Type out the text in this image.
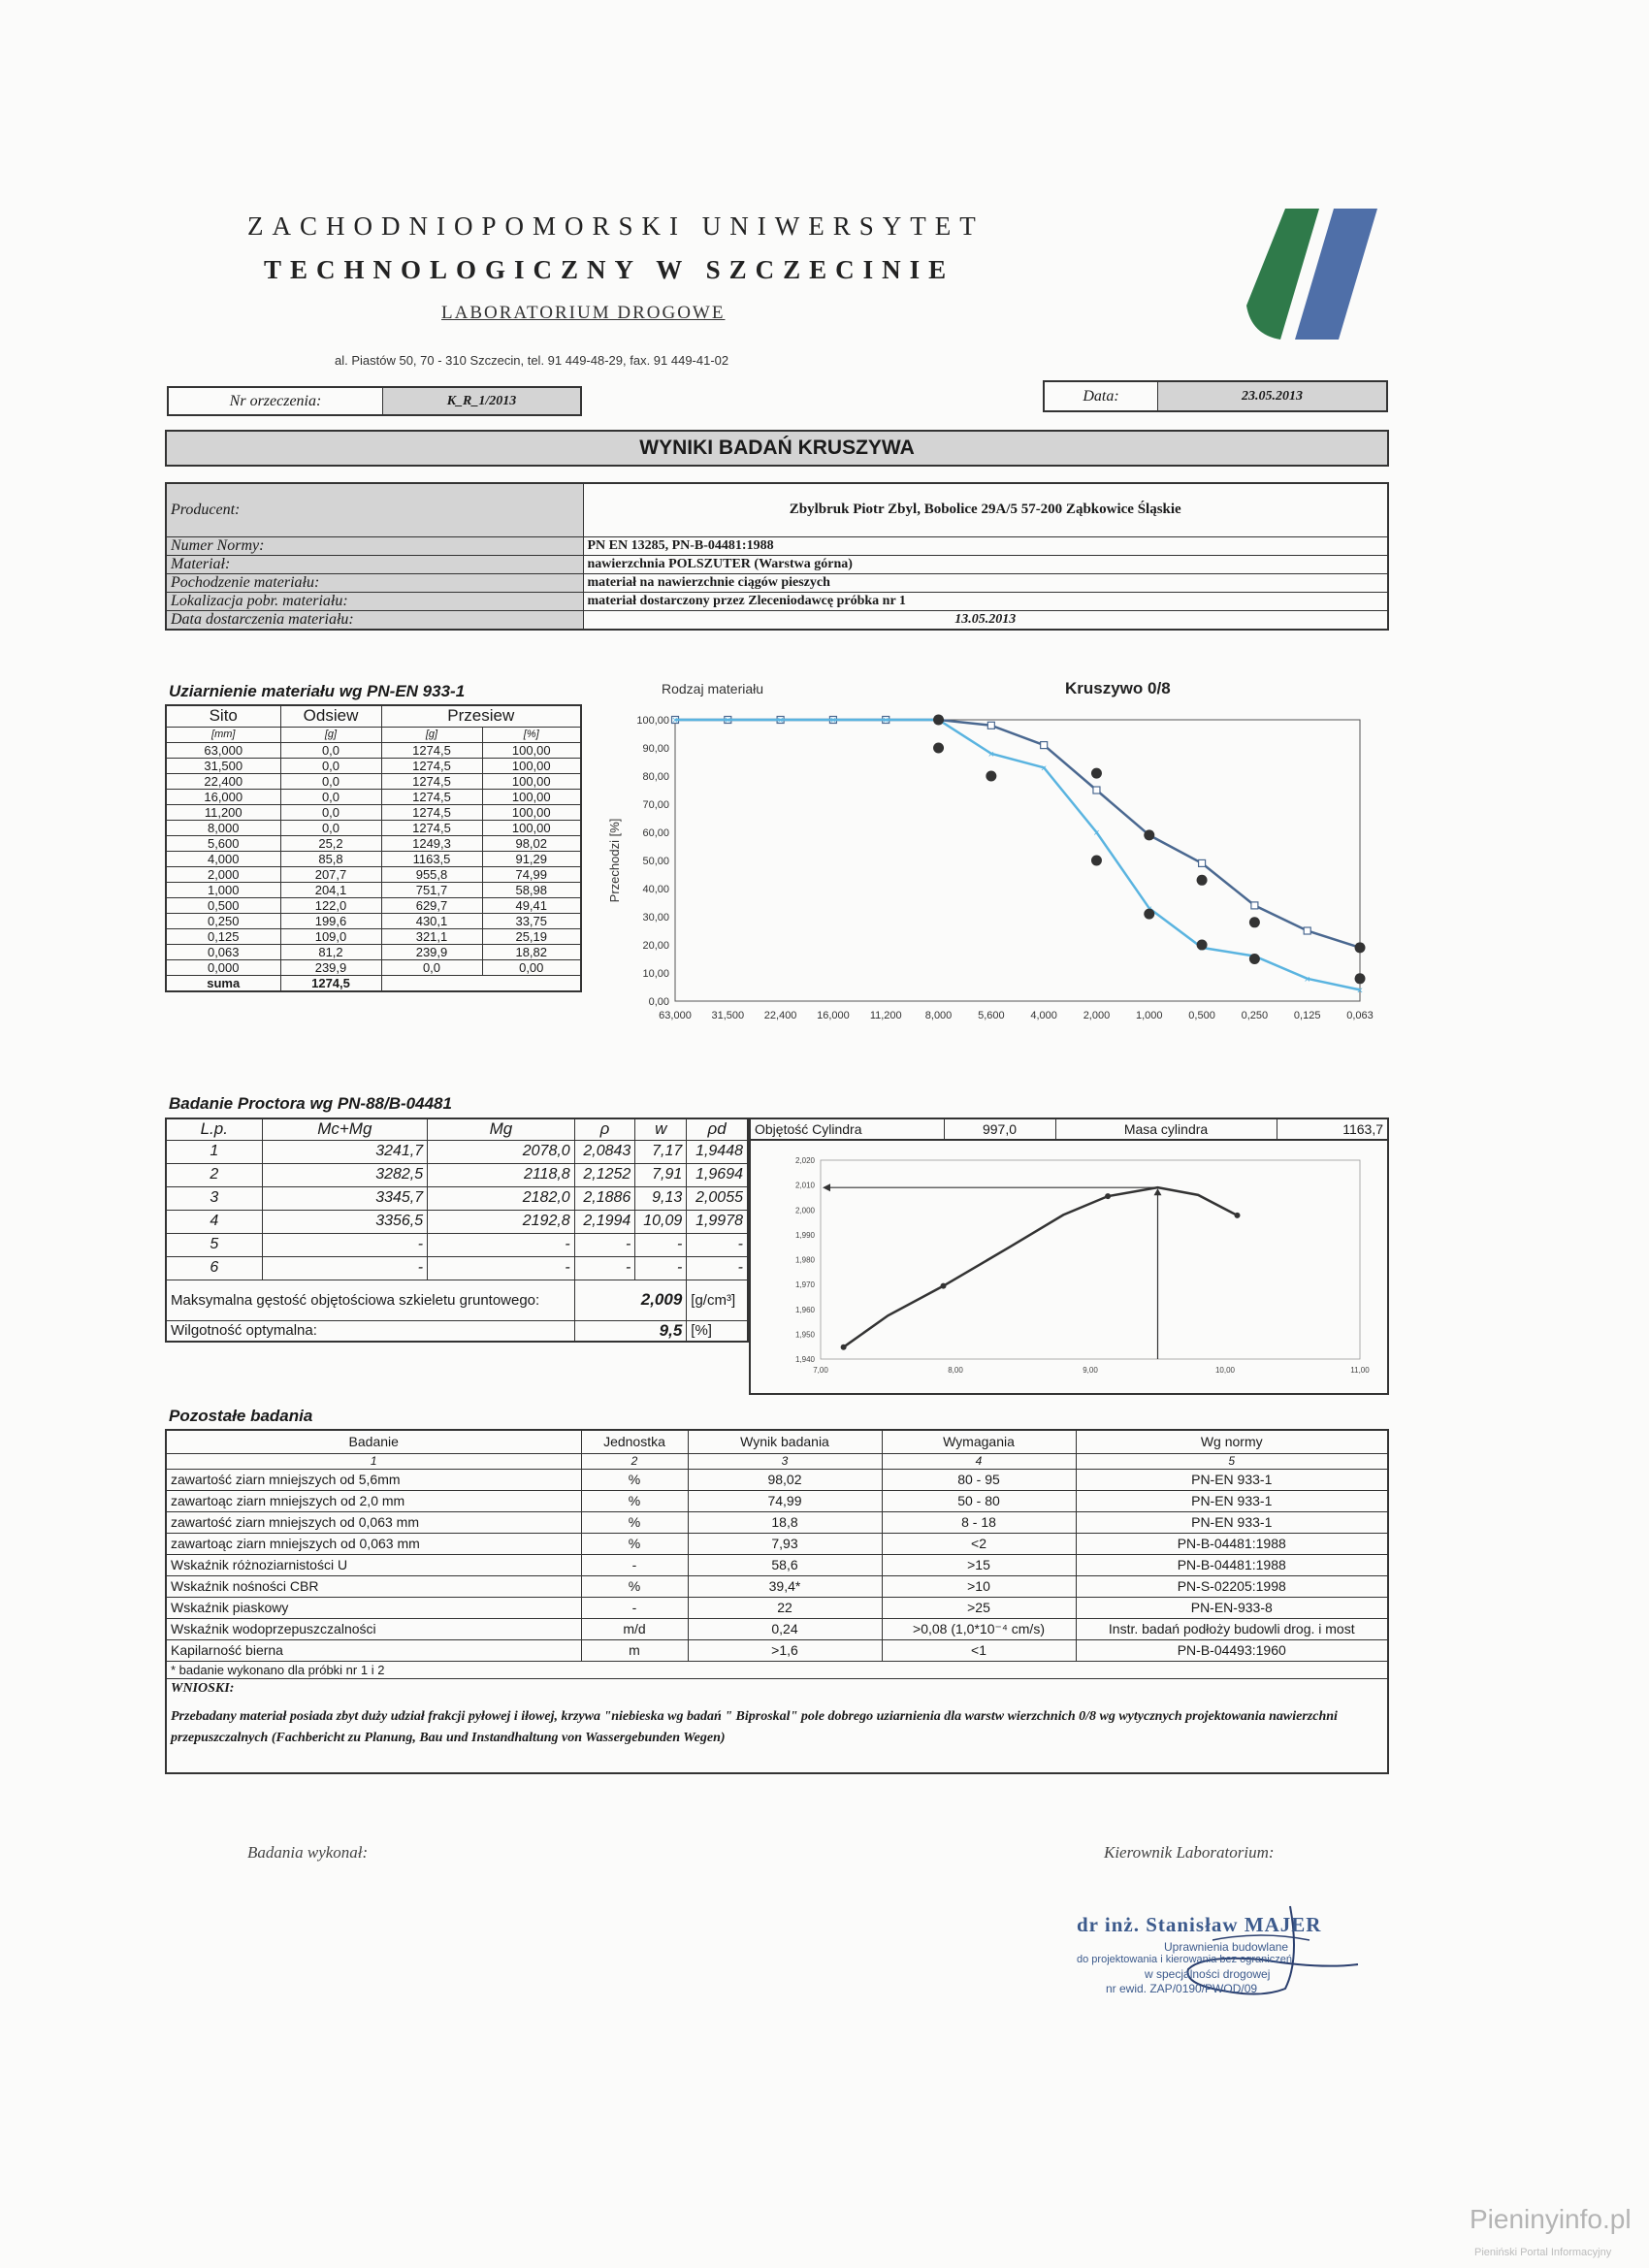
ZACHODNIOPOMORSKI UNIWERSYTET
TECHNOLOGICZNY W SZCZECINIE
LABORATORIUM DROGOWE
al. Piastów 50, 70 - 310 Szczecin, tel. 91 449-48-29, fax. 91 449-41-02
Nr orzeczenia:	K_R_1/2013	Data:	23.05.2013
WYNIKI BADAŃ KRUSZYWA
Producent:	Zbylbruk Piotr Zbyl, Bobolice 29A/5 57-200 Ząbkowice Śląskie
Numer Normy:	PN EN 13285, PN-B-04481:1988
Materiał:	nawierzchnia POLSZUTER (Warstwa górna)
Pochodzenie materiału:	materiał na nawierzchnie ciągów pieszych
Lokalizacja pobr. materiału:	materiał dostarczony przez Zleceniodawcę próbka nr 1
Data dostarczenia materiału:	13.05.2013
Uziarnienie materiału wg PN-EN 933-1
Sito	Odsiew	Przesiew	
[mm]	[g]	[g]	[%]
63,000	0,0	1274,5	100,00
31,500	0,0	1274,5	100,00
22,400	0,0	1274,5	100,00
16,000	0,0	1274,5	100,00
11,200	0,0	1274,5	100,00
8,000	0,0	1274,5	100,00
5,600	25,2	1249,3	98,02
4,000	85,8	1163,5	91,29
2,000	207,7	955,8	74,99
1,000	204,1	751,7	58,98
0,500	122,0	629,7	49,41
0,250	199,6	430,1	33,75
0,125	109,0	321,1	25,19
0,063	81,2	239,9	18,82
0,000	239,9	0,0	0,00
suma	1274,5		
Rodzaj materiału	Kruszywo 0/8
0,00
10,00
20,00
30,00
40,00
50,00
60,00
70,00
80,00
90,00
100,00
63,000 31,500 22,400 16,000 11,200 8,000 5,600 4,000 2,000 1,000 0,500 0,250 0,125 0,063
Przechodzi [%]
×	×	×	×	×
×
×
×
×
×
Badanie Proctora wg PN-88/B-04481
L.p.	Mc+Mg	Mg	ρ	w	ρd
1	3241,7	2078,0	2,0843	7,17	1,9448
2	3282,5	2118,8	2,1252	7,91	1,9694
3	3345,7	2182,0	2,1886	9,13	2,0055
4	3356,5	2192,8	2,1994	10,09	1,9978
5	-	-	-	-	-
6	-	-	-	-	-
Maksymalna gęstość objętościowa szkieletu gruntowego:			2,009		[g/cm³]
Wilgotność optymalna:			9,5		[%]
Objętość Cylindra	997,0	Masa cylindra	1163,7
1,940
1,950
1,960
1,970
1,980
1,990
2,000
2,010
2,020
7,00	8,00	9,00	10,00	11,00
Pozostałe badania
Badanie	Jednostka	Wynik badania	Wymagania	Wg normy
1	2	3	4	5
zawartość ziarn mniejszych od 5,6mm	%	98,02	80 - 95	PN-EN 933-1
zawartoąc ziarn mniejszych od 2,0 mm	%	74,99	50 - 80	PN-EN 933-1
zawartość ziarn mniejszych od 0,063 mm	%	18,8	8 - 18	PN-EN 933-1
zawartoąc ziarn mniejszych od 0,063 mm	%	7,93	<2	PN-B-04481:1988
Wskaźnik różnoziarnistości U	-	58,6	>15	PN-B-04481:1988
Wskaźnik nośności CBR	%	39,4*	>10	PN-S-02205:1998
Wskaźnik piaskowy	-	22	>25	PN-EN-933-8
Wskaźnik wodoprzepuszczalności	m/d	0,24	>0,08 (1,0*10⁻⁴ cm/s)	Instr. badań podłoży budowli drog. i most
Kapilarność bierna	m	>1,6	<1	PN-B-04493:1960
* badanie wykonano dla próbki nr 1 i 2				

WNIOSKI:
Przebadany materiał posiada zbyt duży udział frakcji pyłowej i iłowej, krzywa "niebieska wg badań " Biproskal" pole dobrego uziarnienia dla warstw wierzchnich 0/8 wg wytycznych projektowania nawierzchni przepuszczalnych (Fachbericht zu Planung, Bau und Instandhaltung von Wassergebunden Wegen)				
Badania wykonał:	Kierownik Laboratorium:
dr inż. Stanisław MAJER
Uprawnienia budowlane
do projektowania i kierowania bez ograniczeń
w specjalności drogowej
nr ewid. ZAP/0190/PWOD/09
Pieninyinfo.pl
Pieniński Portal Informacyjny
